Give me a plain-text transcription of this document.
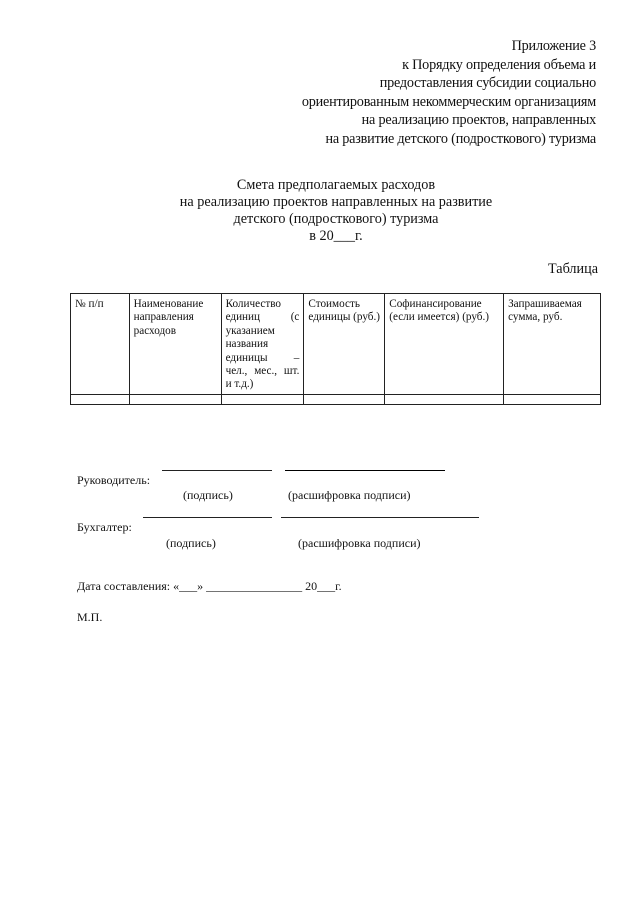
Приложение 3
к Порядку определения объема и
предоставления субсидии социально
ориентированным некоммерческим организациям
на реализацию проектов, направленных
на развитие детского (подросткового) туризма
Смета предполагаемых расходов
на реализацию проектов направленных на развитие
детского (подросткового) туризма
в 20___г.
Таблица
№ п/п	Наименование направления расходов	Количество единиц (с указанием названия единицы – чел., мес., шт. и т.д.)	Стоимость единицы (руб.)	Софинансирование (если имеется) (руб.)	Запрашиваемая сумма, руб.

Руководитель:
(подпись)	(расшифровка подписи)
Бухгалтер:
(подпись)	(расшифровка подписи)
Дата составления: «___» ________________ 20___г.
М.П.
